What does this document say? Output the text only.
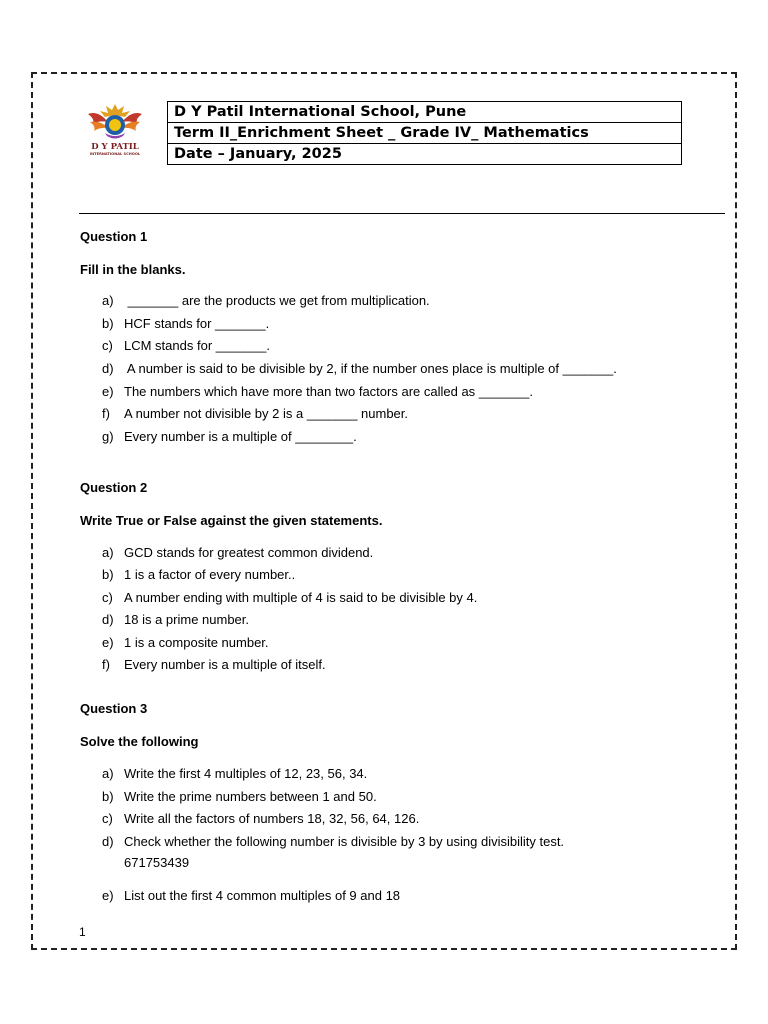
D Y PATIL
INTERNATIONAL SCHOOL
D Y Patil International School, Pune
Term II_Enrichment Sheet _ Grade IV_ Mathematics
Date – January, 2025
Question 1
Fill in the blanks.
a) _______ are the products we get from multiplication.
b) HCF stands for _______.
c) LCM stands for _______.
d) A number is said to be divisible by 2, if the number ones place is multiple of _______.
e) The numbers which have more than two factors are called as _______.
f) A number not divisible by 2 is a _______ number.
g) Every number is a multiple of ________.
Question 2
Write True or False against the given statements.
a) GCD stands for greatest common dividend.
b) 1 is a factor of every number..
c) A number ending with multiple of 4 is said to be divisible by 4.
d) 18 is a prime number.
e) 1 is a composite number.
f) Every number is a multiple of itself.
Question 3
Solve the following
a) Write the first 4 multiples of 12, 23, 56, 34.
b) Write the prime numbers between 1 and 50.
c) Write all the factors of numbers 18, 32, 56, 64, 126.
d) Check whether the following number is divisible by 3 by using divisibility test.
671753439
e) List out the first 4 common multiples of 9 and 18
1
